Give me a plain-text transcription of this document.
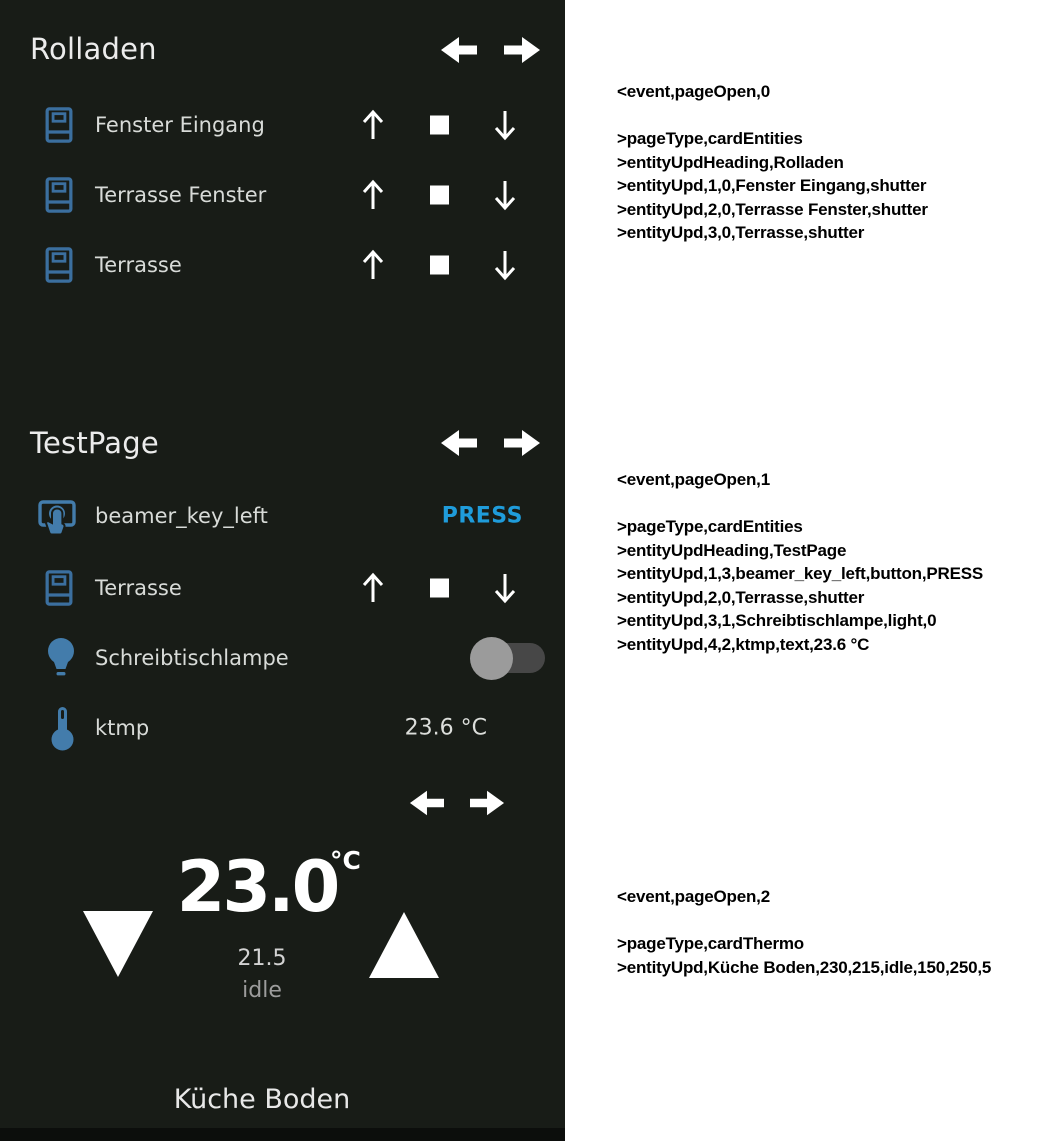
Rolladen
Fenster Eingang
Terrasse Fenster
Terrasse
TestPage
beamer_key_left	PRESS
Terrasse
Schreibtischlampe
ktmp	23.6 °C
23.0
°C
21.5
idle
Küche Boden
<event,pageOpen,0
>pageType,cardEntities
>entityUpdHeading,Rolladen
>entityUpd,1,0,Fenster Eingang,shutter
>entityUpd,2,0,Terrasse Fenster,shutter
>entityUpd,3,0,Terrasse,shutter
<event,pageOpen,1
>pageType,cardEntities
>entityUpdHeading,TestPage
>entityUpd,1,3,beamer_key_left,button,PRESS
>entityUpd,2,0,Terrasse,shutter
>entityUpd,3,1,Schreibtischlampe,light,0
>entityUpd,4,2,ktmp,text,23.6 °C
<event,pageOpen,2
>pageType,cardThermo
>entityUpd,Küche Boden,230,215,idle,150,250,5
